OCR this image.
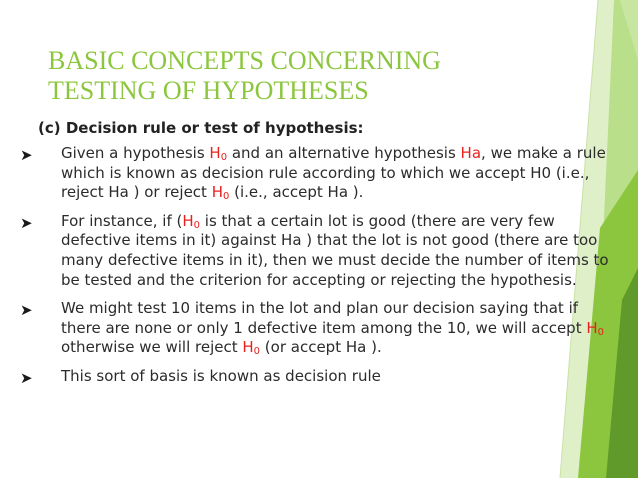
BASIC CONCEPTS CONCERNING
TESTING OF HYPOTHESES

(c) Decision rule or test of hypothesis:

➤ Given a hypothesis $H_0$ and an alternative hypothesis Ha, we make a rule which is known as decision rule according to which we accept H0 (i.e., reject Ha ) or reject $H_0$ (i.e., accept Ha ).
➤ For instance, if ($H_0$ is that a certain lot is good (there are very few defective items in it) against Ha ) that the lot is not good (there are too many defective items in it), then we must decide the number of items to be tested and the criterion for accepting or rejecting the hypothesis.
➤ We might test 10 items in the lot and plan our decision saying that if there are none or only 1 defective item among the 10, we will accept $H_0$ otherwise we will reject $H_0$ (or accept Ha ).
➤ This sort of basis is known as decision rule
